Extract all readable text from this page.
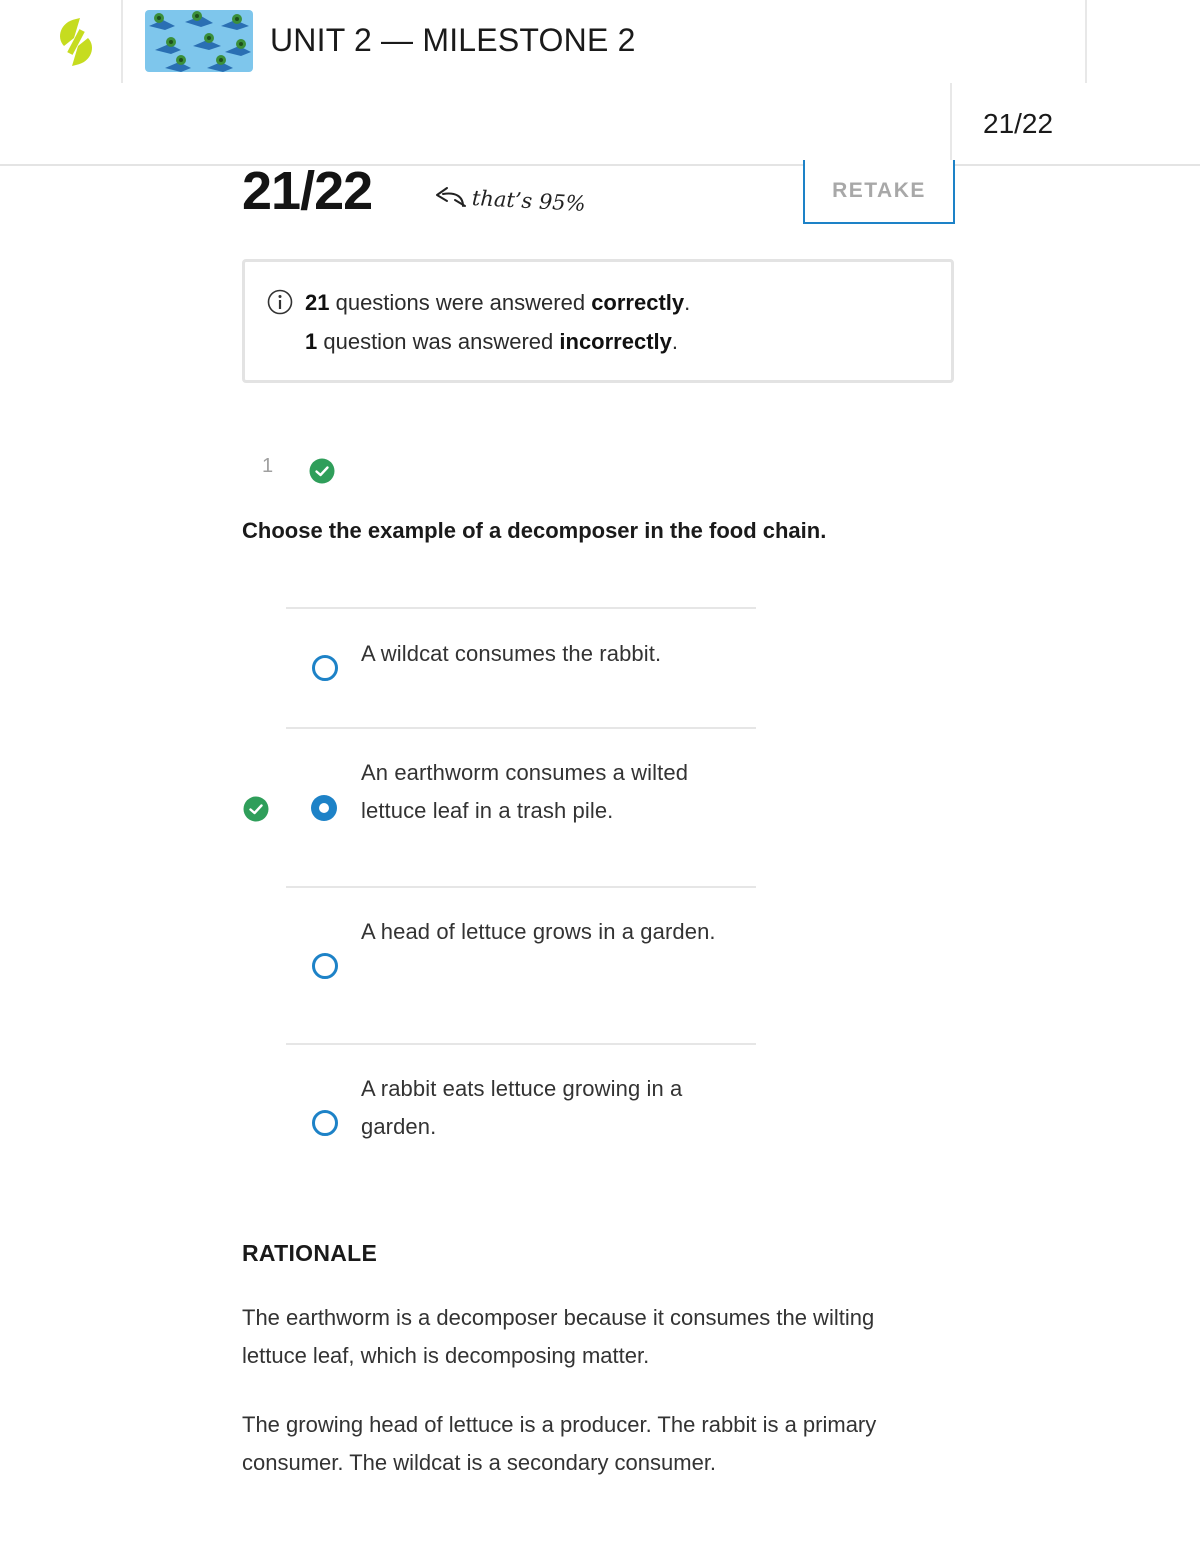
UNIT 2 — MILESTONE 2
21/22
21/22	that’s 95%	RETAKE
21 questions were answered correctly.
1 question was answered incorrectly.
1
Choose the example of a decomposer in the food chain.
A wildcat consumes the rabbit.
An earthworm consumes a wilted lettuce leaf in a trash pile.
A head of lettuce grows in a garden.
A rabbit eats lettuce growing in a garden.
RATIONALE
The earthworm is a decomposer because it consumes the wilting lettuce leaf, which is decomposing matter.
The growing head of lettuce is a producer. The rabbit is a primary consumer. The wildcat is a secondary consumer.
